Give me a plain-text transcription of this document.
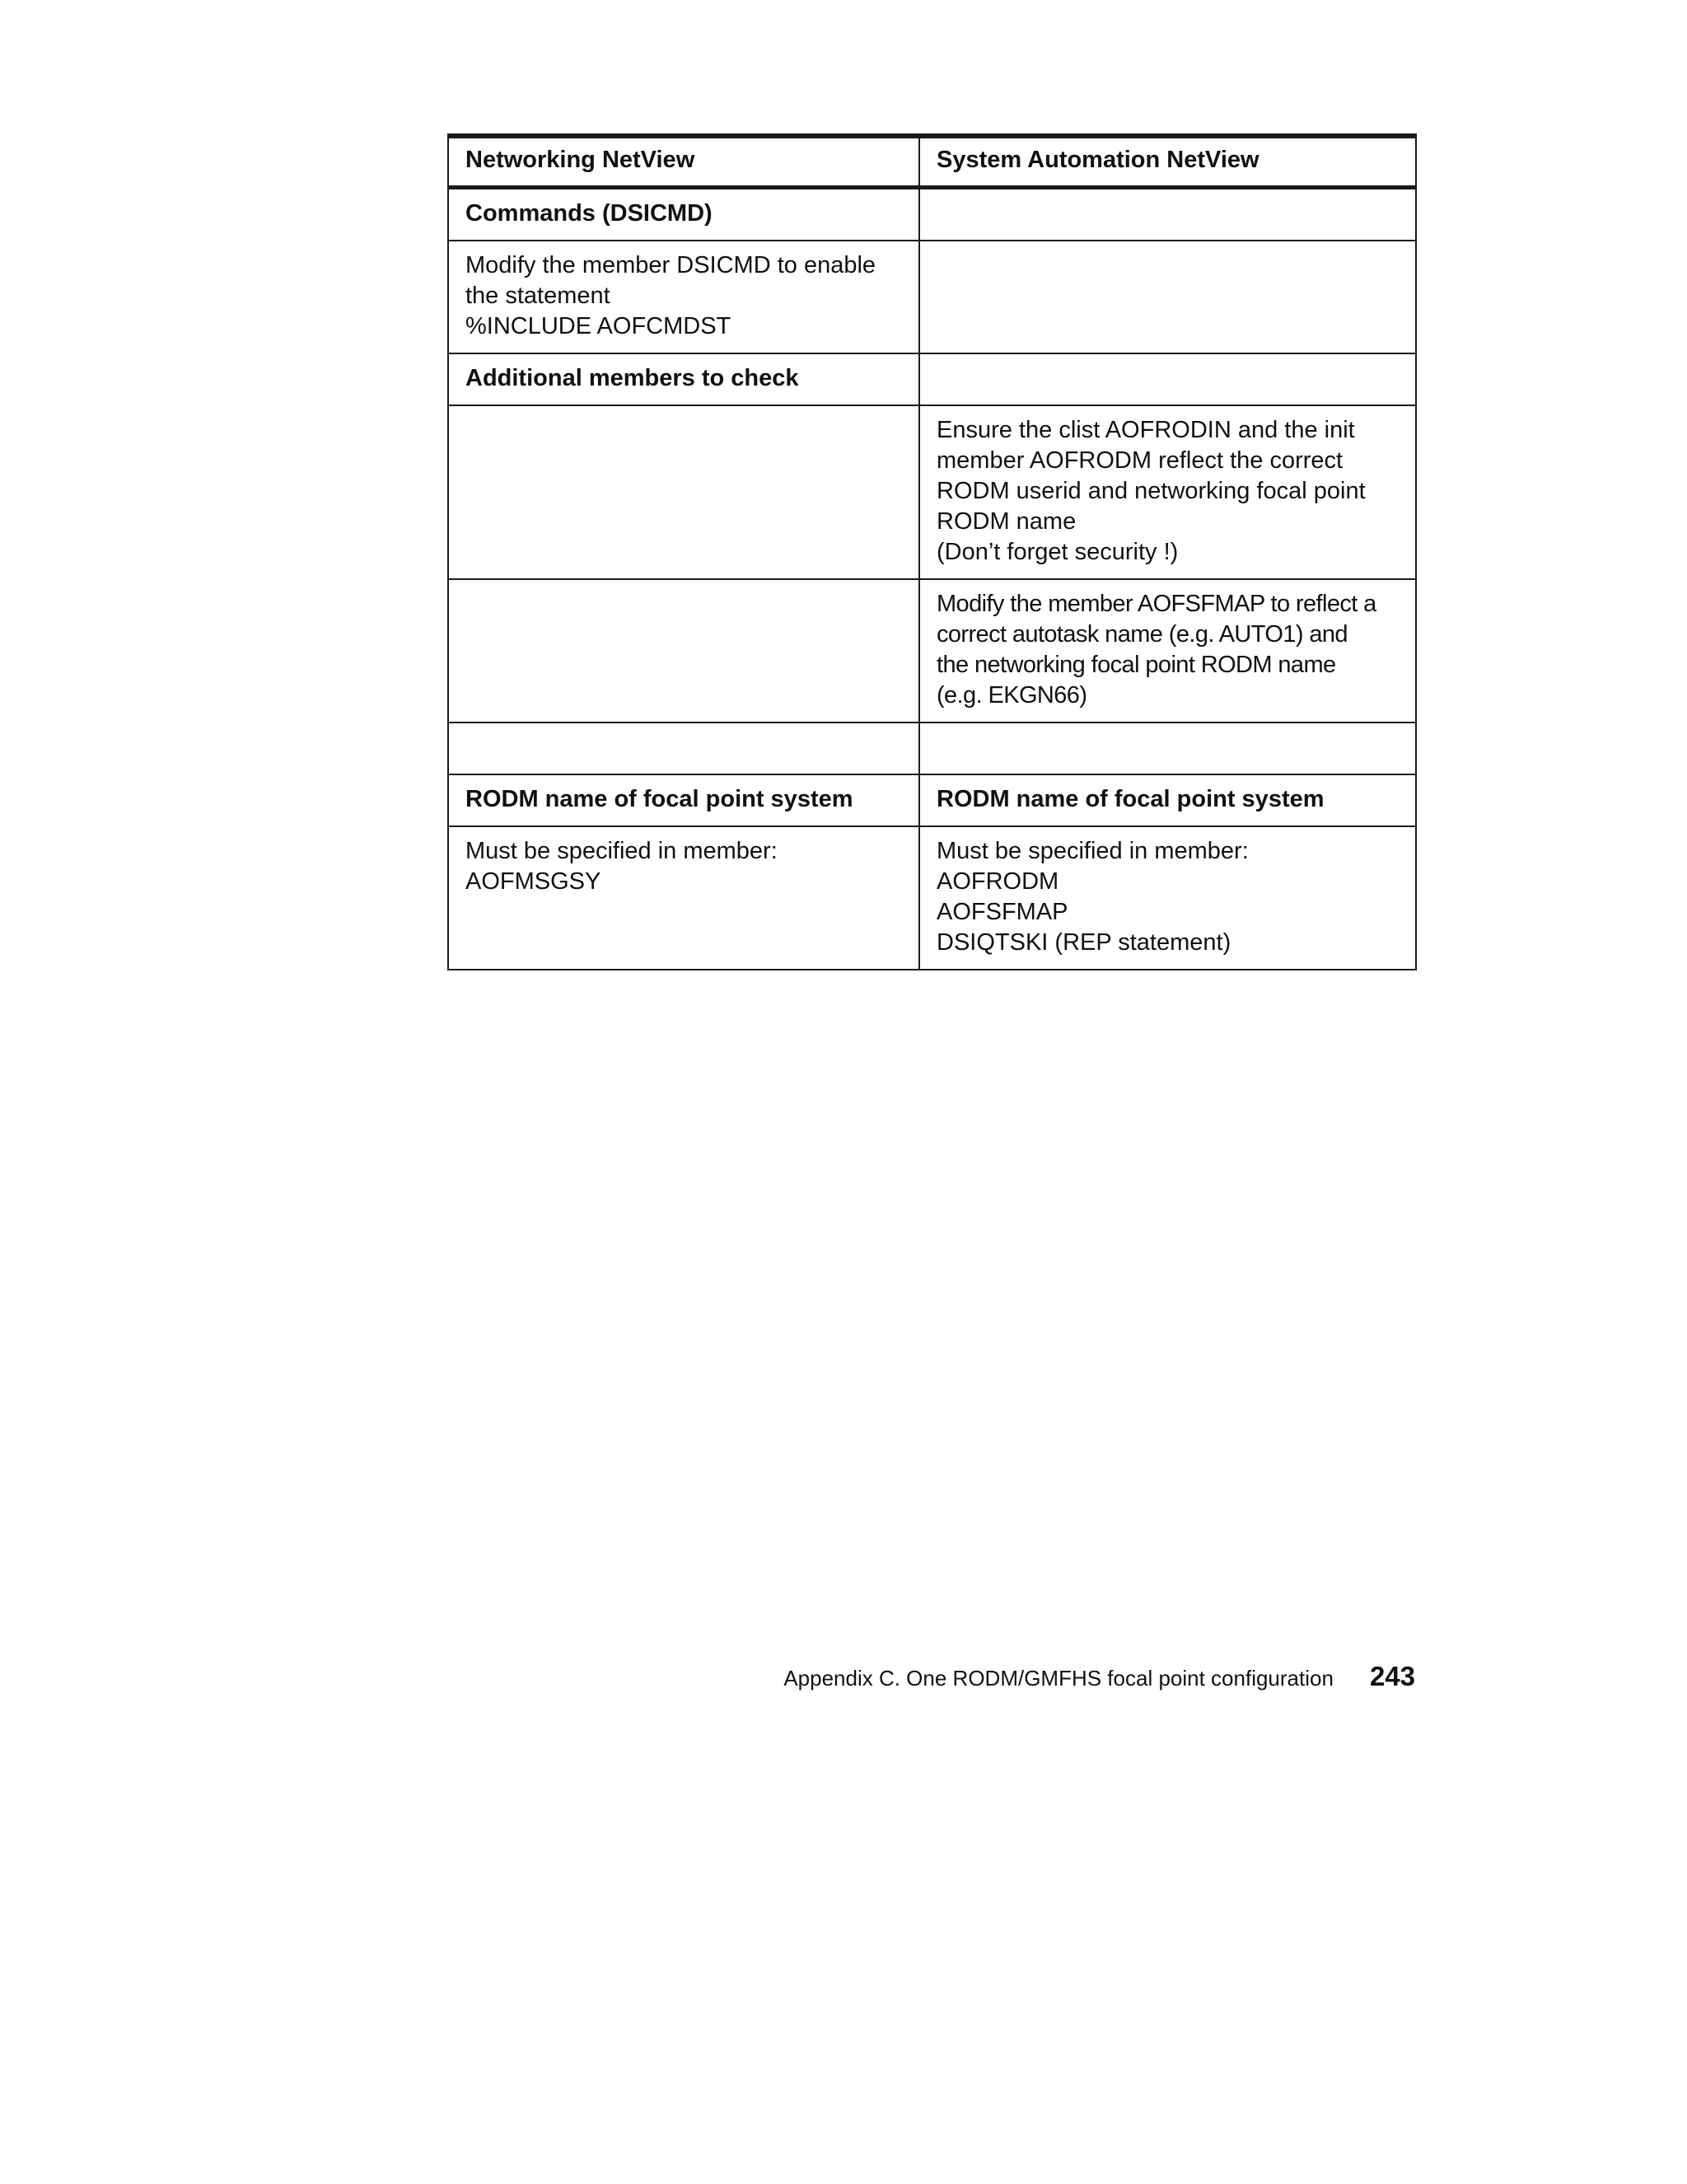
Networking NetView	System Automation NetView
Commands (DSICMD)	
Modify the member DSICMD to enable
the statement
%INCLUDE AOFCMDST	
Additional members to check	
	Ensure the clist AOFRODIN and the init
member AOFRODM reflect the correct
RODM userid and networking focal point
RODM name
(Don’t forget security !)
	Modify the member AOFSFMAP to reflect a
correct autotask name (e.g. AUTO1) and
the networking focal point RODM name
(e.g. EKGN66)

RODM name of focal point system	RODM name of focal point system
Must be specified in member:
AOFMSGSY	Must be specified in member:
AOFRODM
AOFSFMAP
DSIQTSKI (REP statement)
Appendix C. One RODM/GMFHS focal point configuration 243
